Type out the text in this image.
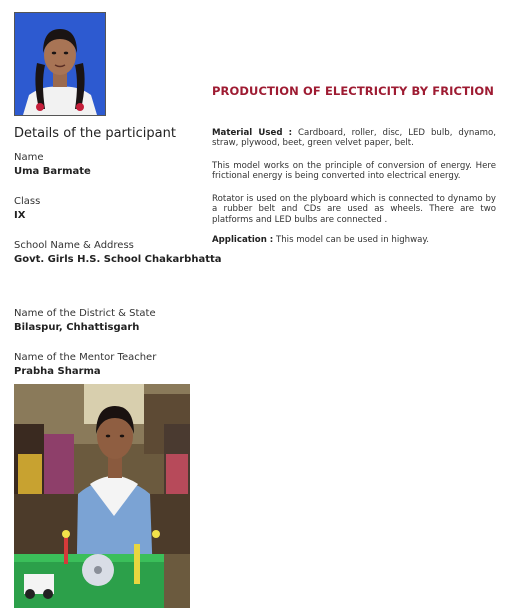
Details of the participant
Name
Uma Barmate
Class
IX
School Name & Address
Govt. Girls H.S. School Chakarbhatta
Name of the District & State
Bilaspur, Chhattisgarh
Name of the Mentor Teacher
Prabha Sharma
PRODUCTION OF ELECTRICITY BY FRICTION
Material Used : Cardboard, roller, disc, LED bulb, dynamo, straw, plywood, beet, green velvet paper, belt.
This model works on the principle of conversion of energy. Here frictional energy is being converted into electrical energy.
Rotator is used on the plyboard which is connected to dynamo by a rubber belt and CDs are used as wheels. There are two platforms and LED bulbs are connected .
Application : This model can be used in highway.
